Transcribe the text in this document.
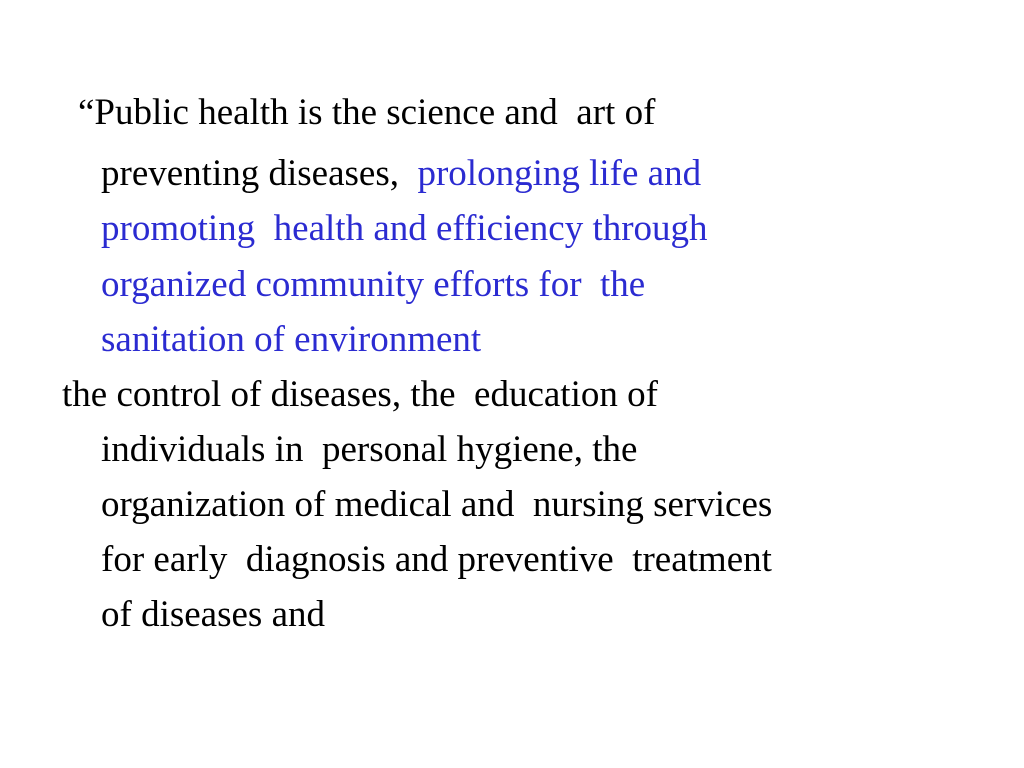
“Public health is the science and  art of

preventing diseases,  prolonging life and

promoting  health and efficiency through

organized community efforts for  the

sanitation of environment

the control of diseases, the  education of

individuals in  personal hygiene, the

organization of medical and  nursing services

for early  diagnosis and preventive  treatment

of diseases and
